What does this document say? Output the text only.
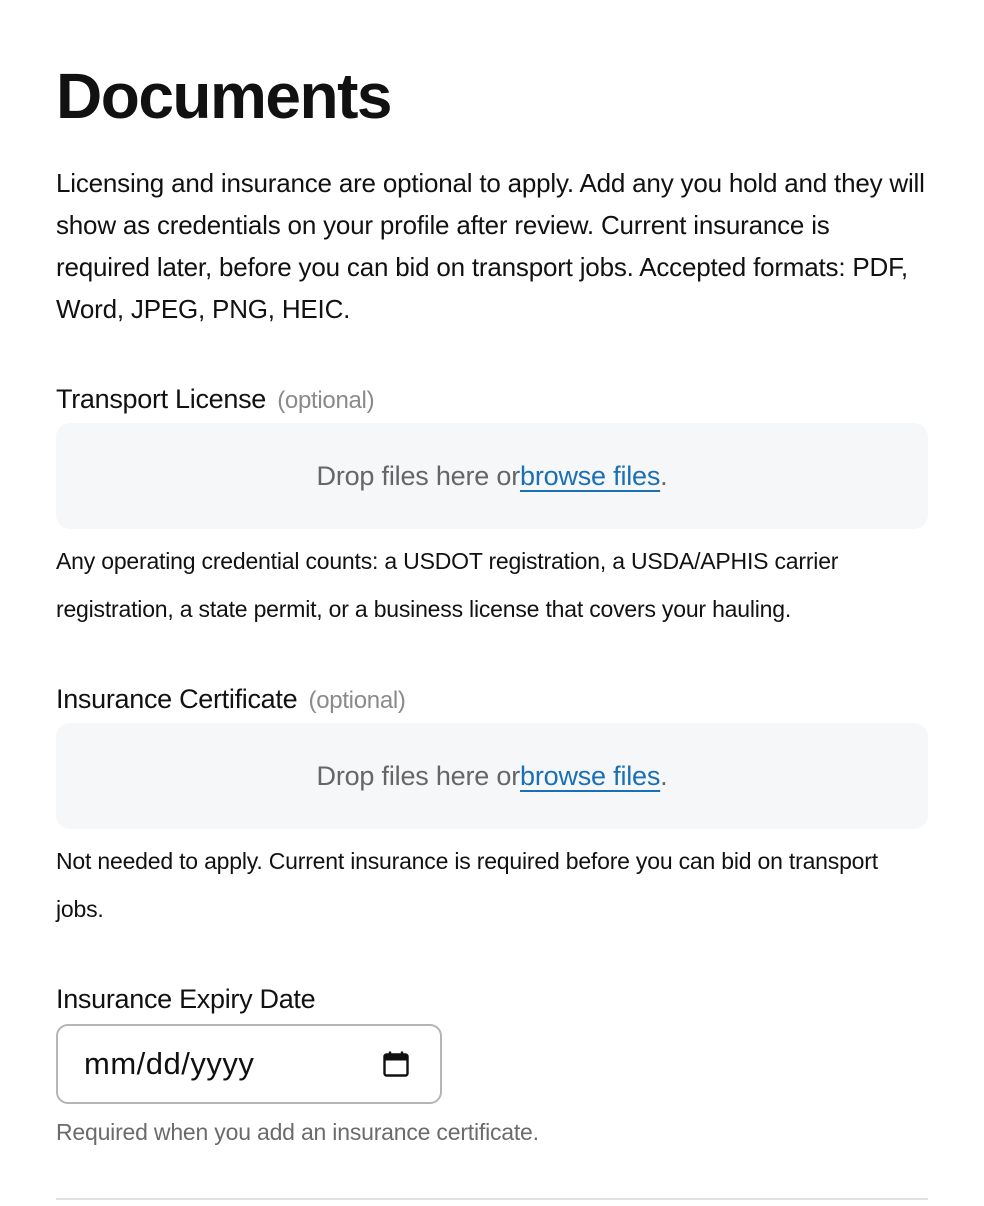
Documents

Licensing and insurance are optional to apply. Add any you hold and they will show as credentials on your profile after review. Current insurance is required later, before you can bid on transport jobs. Accepted formats: PDF, Word, JPEG, PNG, HEIC.

Transport License (optional)
Drop files here or browse files .

Any operating credential counts: a USDOT registration, a USDA/APHIS carrier registration, a state permit, or a business license that covers your hauling.

Insurance Certificate (optional)
Drop files here or browse files .

Not needed to apply. Current insurance is required before you can bid on transport jobs.

Insurance Expiry Date
mm/dd/yyyy

Required when you add an insurance certificate.
